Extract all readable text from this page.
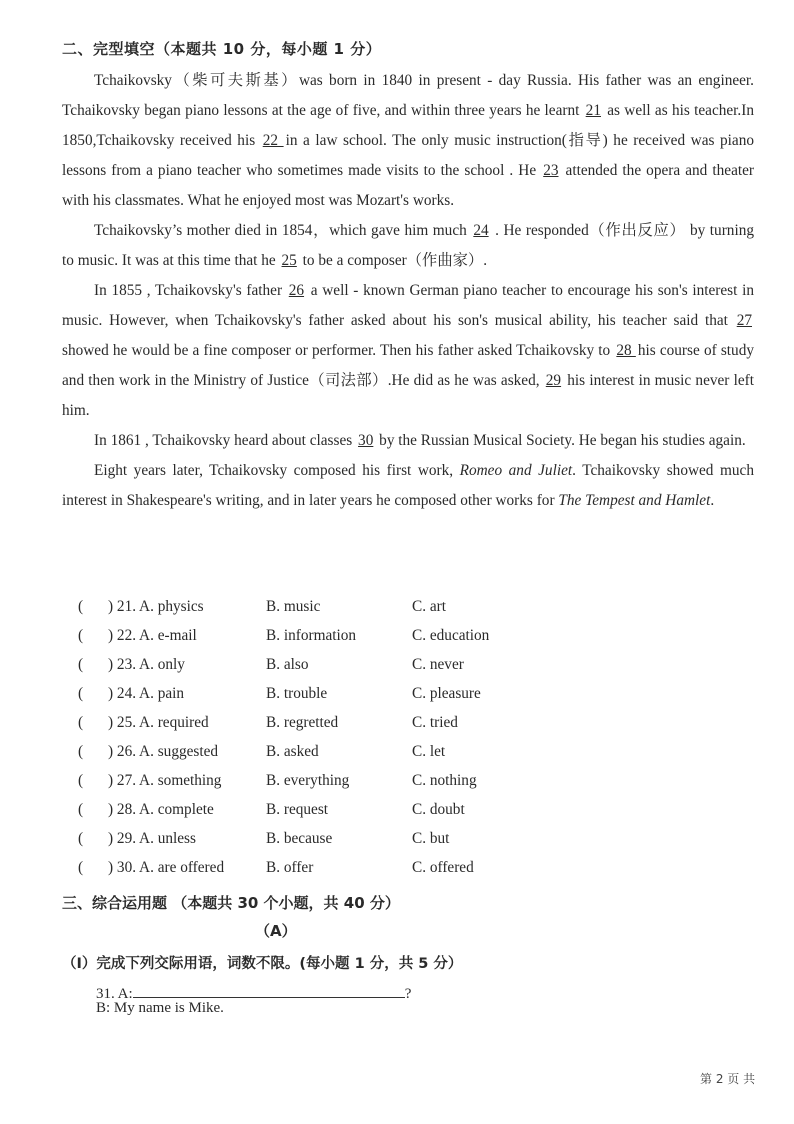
二、完型填空（本题共 10 分，每小题 1 分）

Tchaikovsky（柴可夫斯基）was born in 1840 in present - day Russia. His father was an engineer. Tchaikovsky began piano lessons at the age of five, and within three years he learnt 21 as well as his teacher.In 1850,Tchaikovsky received his 22 in a law school. The only music instruction(指导) he received was piano lessons from a piano teacher who sometimes made visits to the school . He 23 attended the opera and theater with his classmates. What he enjoyed most was Mozart's works.

Tchaikovsky’s mother died in 1854，which gave him much 24 . He responded（作出反应） by turning to music. It was at this time that he 25 to be a composer（作曲家）.

In 1855 , Tchaikovsky's father 26 a well - known German piano teacher to encourage his son's interest in music. However, when Tchaikovsky's father asked about his son's musical ability, his teacher said that 27 showed he would be a fine composer or performer. Then his father asked Tchaikovsky to 28 his course of study and then work in the Ministry of Justice（司法部）.He did as he was asked, 29 his interest in music never left him.

In 1861 , Tchaikovsky heard about classes 30 by the Russian Musical Society. He began his studies again.

Eight years later, Tchaikovsky composed his first work, Romeo and Juliet. Tchaikovsky showed much interest in Shakespeare's writing, and in later years he composed other works for The Tempest and Hamlet.

( ) 21. A. physics	B. music	C. art
( ) 22. A. e-mail	B. information	C. education
( ) 23. A. only	B. also	C. never
( ) 24. A. pain	B. trouble	C. pleasure
( ) 25. A. required	B. regretted	C. tried
( ) 26. A. suggested	B. asked	C. let
( ) 27. A. something	B. everything	C. nothing
( ) 28. A. complete	B. request	C. doubt
( ) 29. A. unless	B. because	C. but
( ) 30. A. are offered	B. offer	C. offered
三、综合运用题 （本题共 30 个小题，共 40 分）
（A）
（Ⅰ）完成下列交际用语，词数不限。(每小题 1 分，共 5 分）
31. A:	?
B: My name is Mike.
第 2 页 共
